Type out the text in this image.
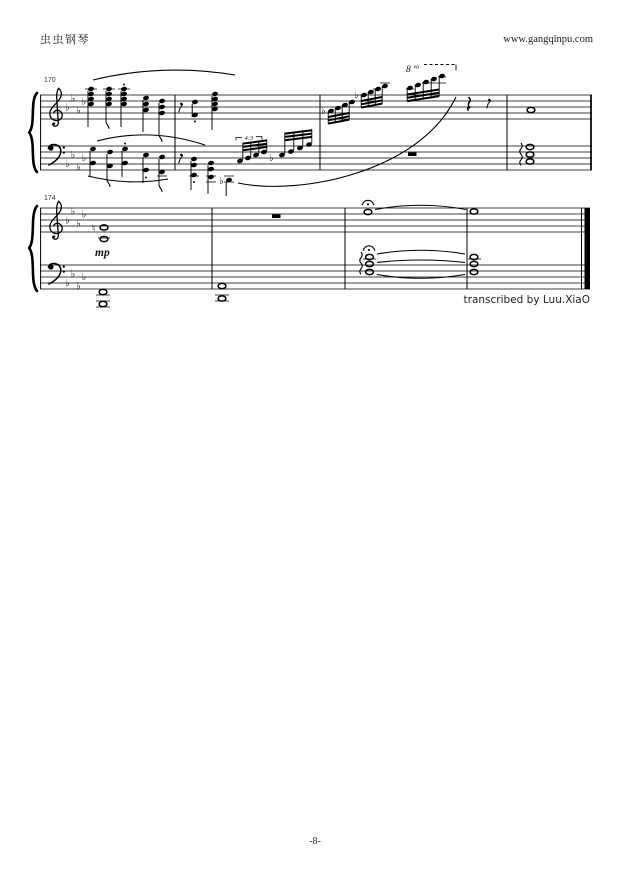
虫虫钢琴	www.gangqinpu.com
♭
♭
♭
♭
♭
♭
♭
♭
170
♭
4:3
♭
♭
♭
8 va
♭
♭
♭
♭
♭
♭
♭
♭
174
♮
mp
transcribed by Luu.XiaO
-8-
